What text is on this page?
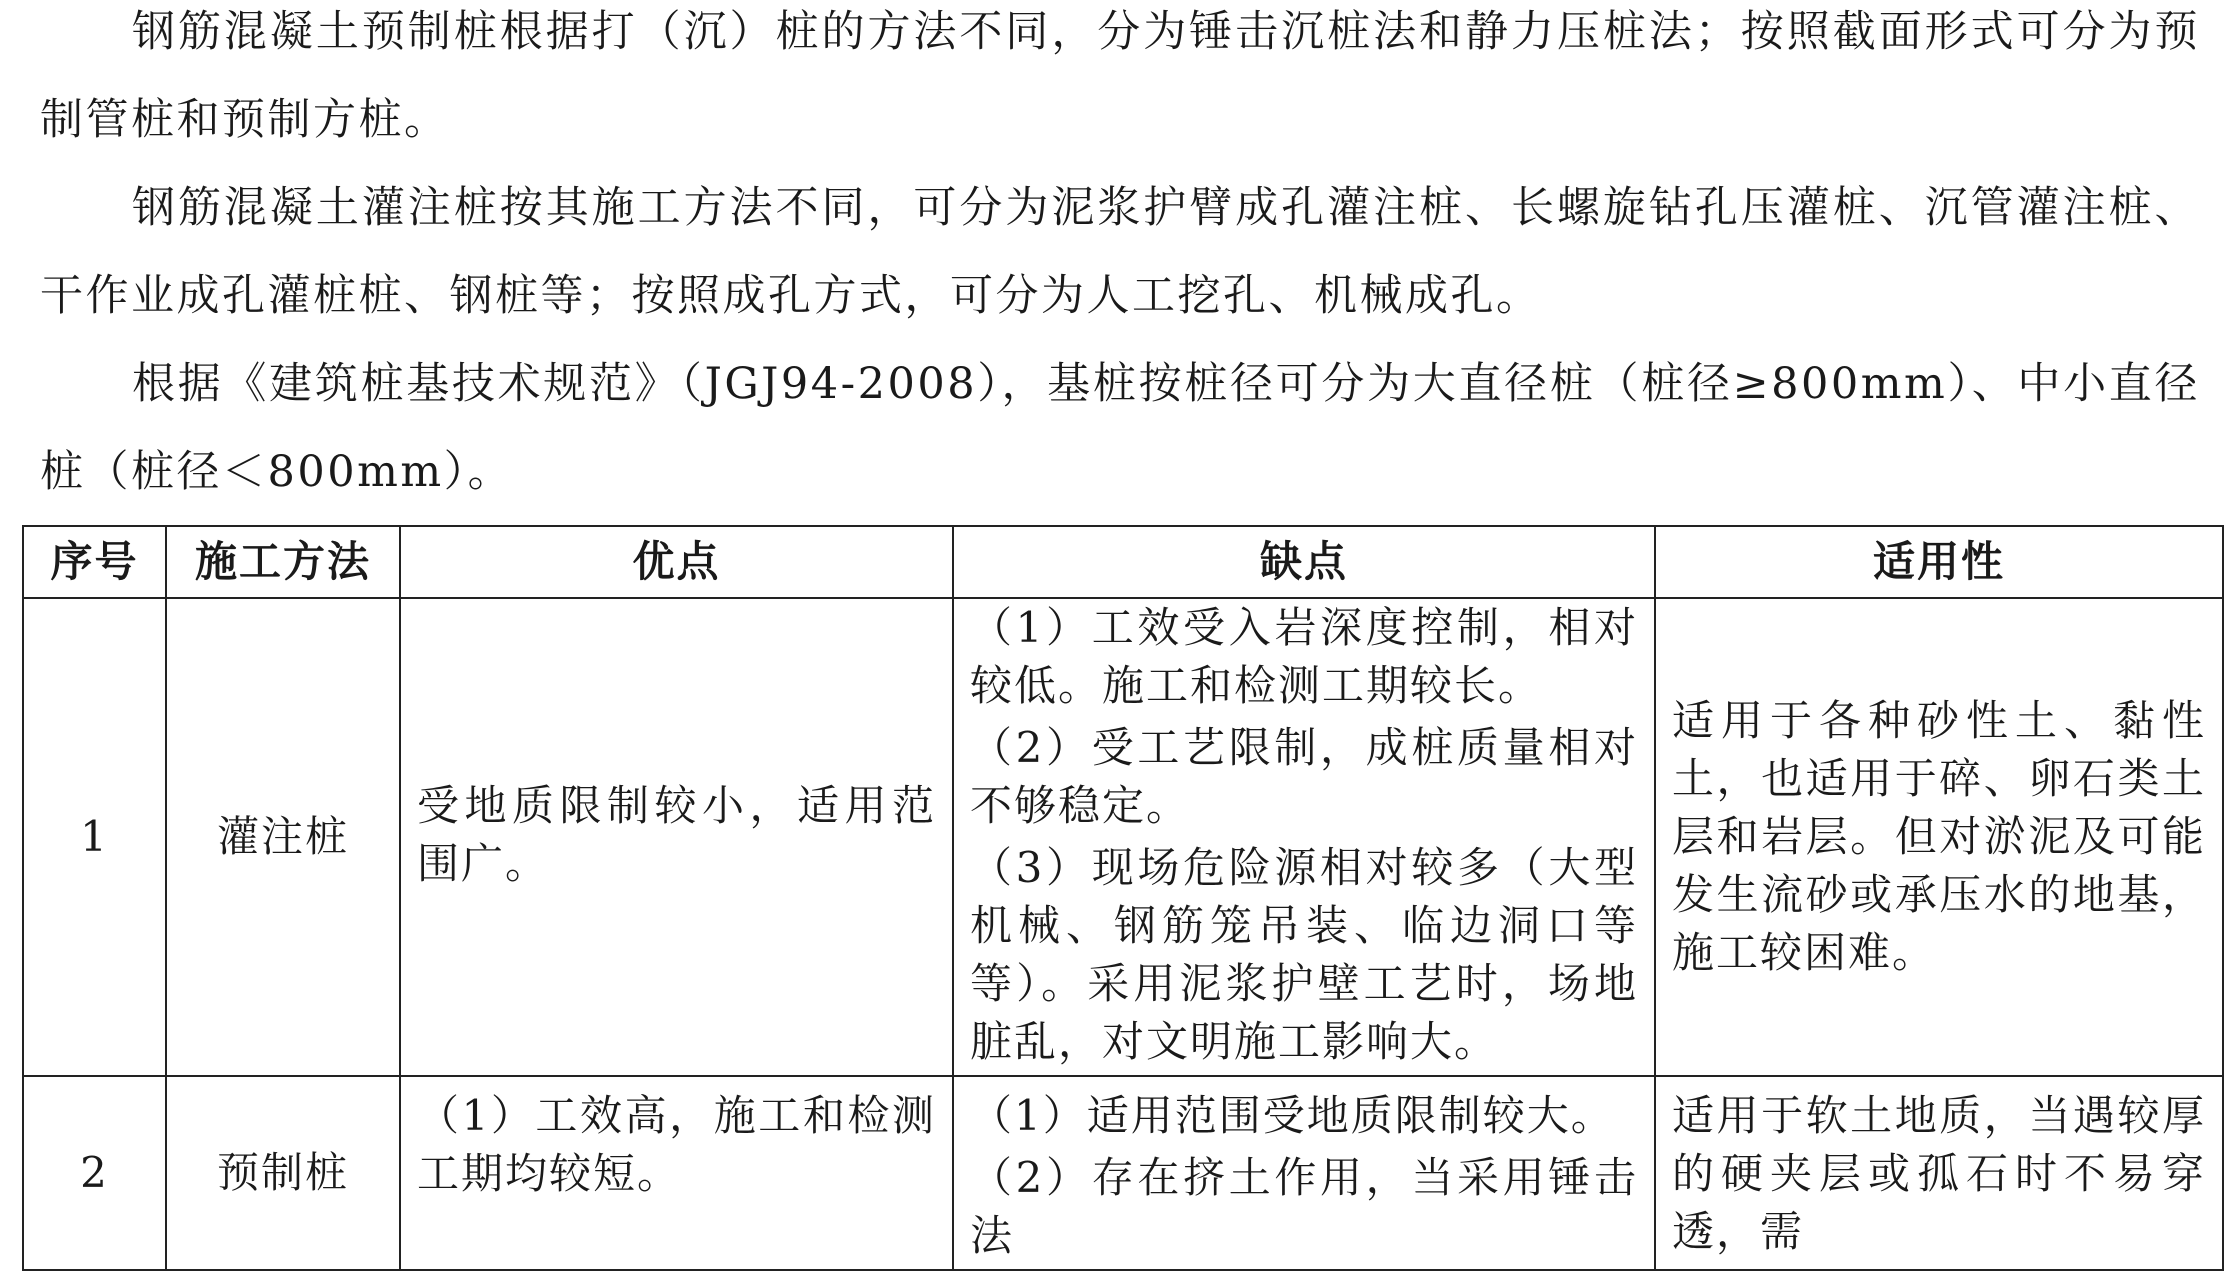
钢筋混凝土预制桩根据打（沉）桩的方法不同，分为锤击沉桩法和静力压桩法；按照截面形式可分为预制管桩和预制方桩。

钢筋混凝土灌注桩按其施工方法不同，可分为泥浆护臂成孔灌注桩、长螺旋钻孔压灌桩、沉管灌注桩、干作业成孔灌桩桩、钢桩等；按照成孔方式，可分为人工挖孔、机械成孔。

根据《建筑桩基技术规范》（JGJ94-2008），基桩按桩径可分为大直径桩（桩径≥800mm）、中小直径桩（桩径＜800mm）。

序号	施工方法	优点	缺点	适用性
1	灌注桩	受地质限制较小，适用范围广。	（1）工效受入岩深度控制，相对较低。施工和检测工期较长。
（2）受工艺限制，成桩质量相对不够稳定。
（3）现场危险源相对较多（大型机械、钢筋笼吊装、临边洞口等等）。采用泥浆护壁工艺时，场地脏乱，对文明施工影响大。	适用于各种砂性土、黏性土，也适用于碎、卵石类土层和岩层。但对淤泥及可能发生流砂或承压水的地基，施工较困难。
2	预制桩	（1）工效高，施工和检测工期均较短。	（1）适用范围受地质限制较大。
（2）存在挤土作用，当采用锤击法	适用于软土地质，当遇较厚的硬夹层或孤石时不易穿透，需
